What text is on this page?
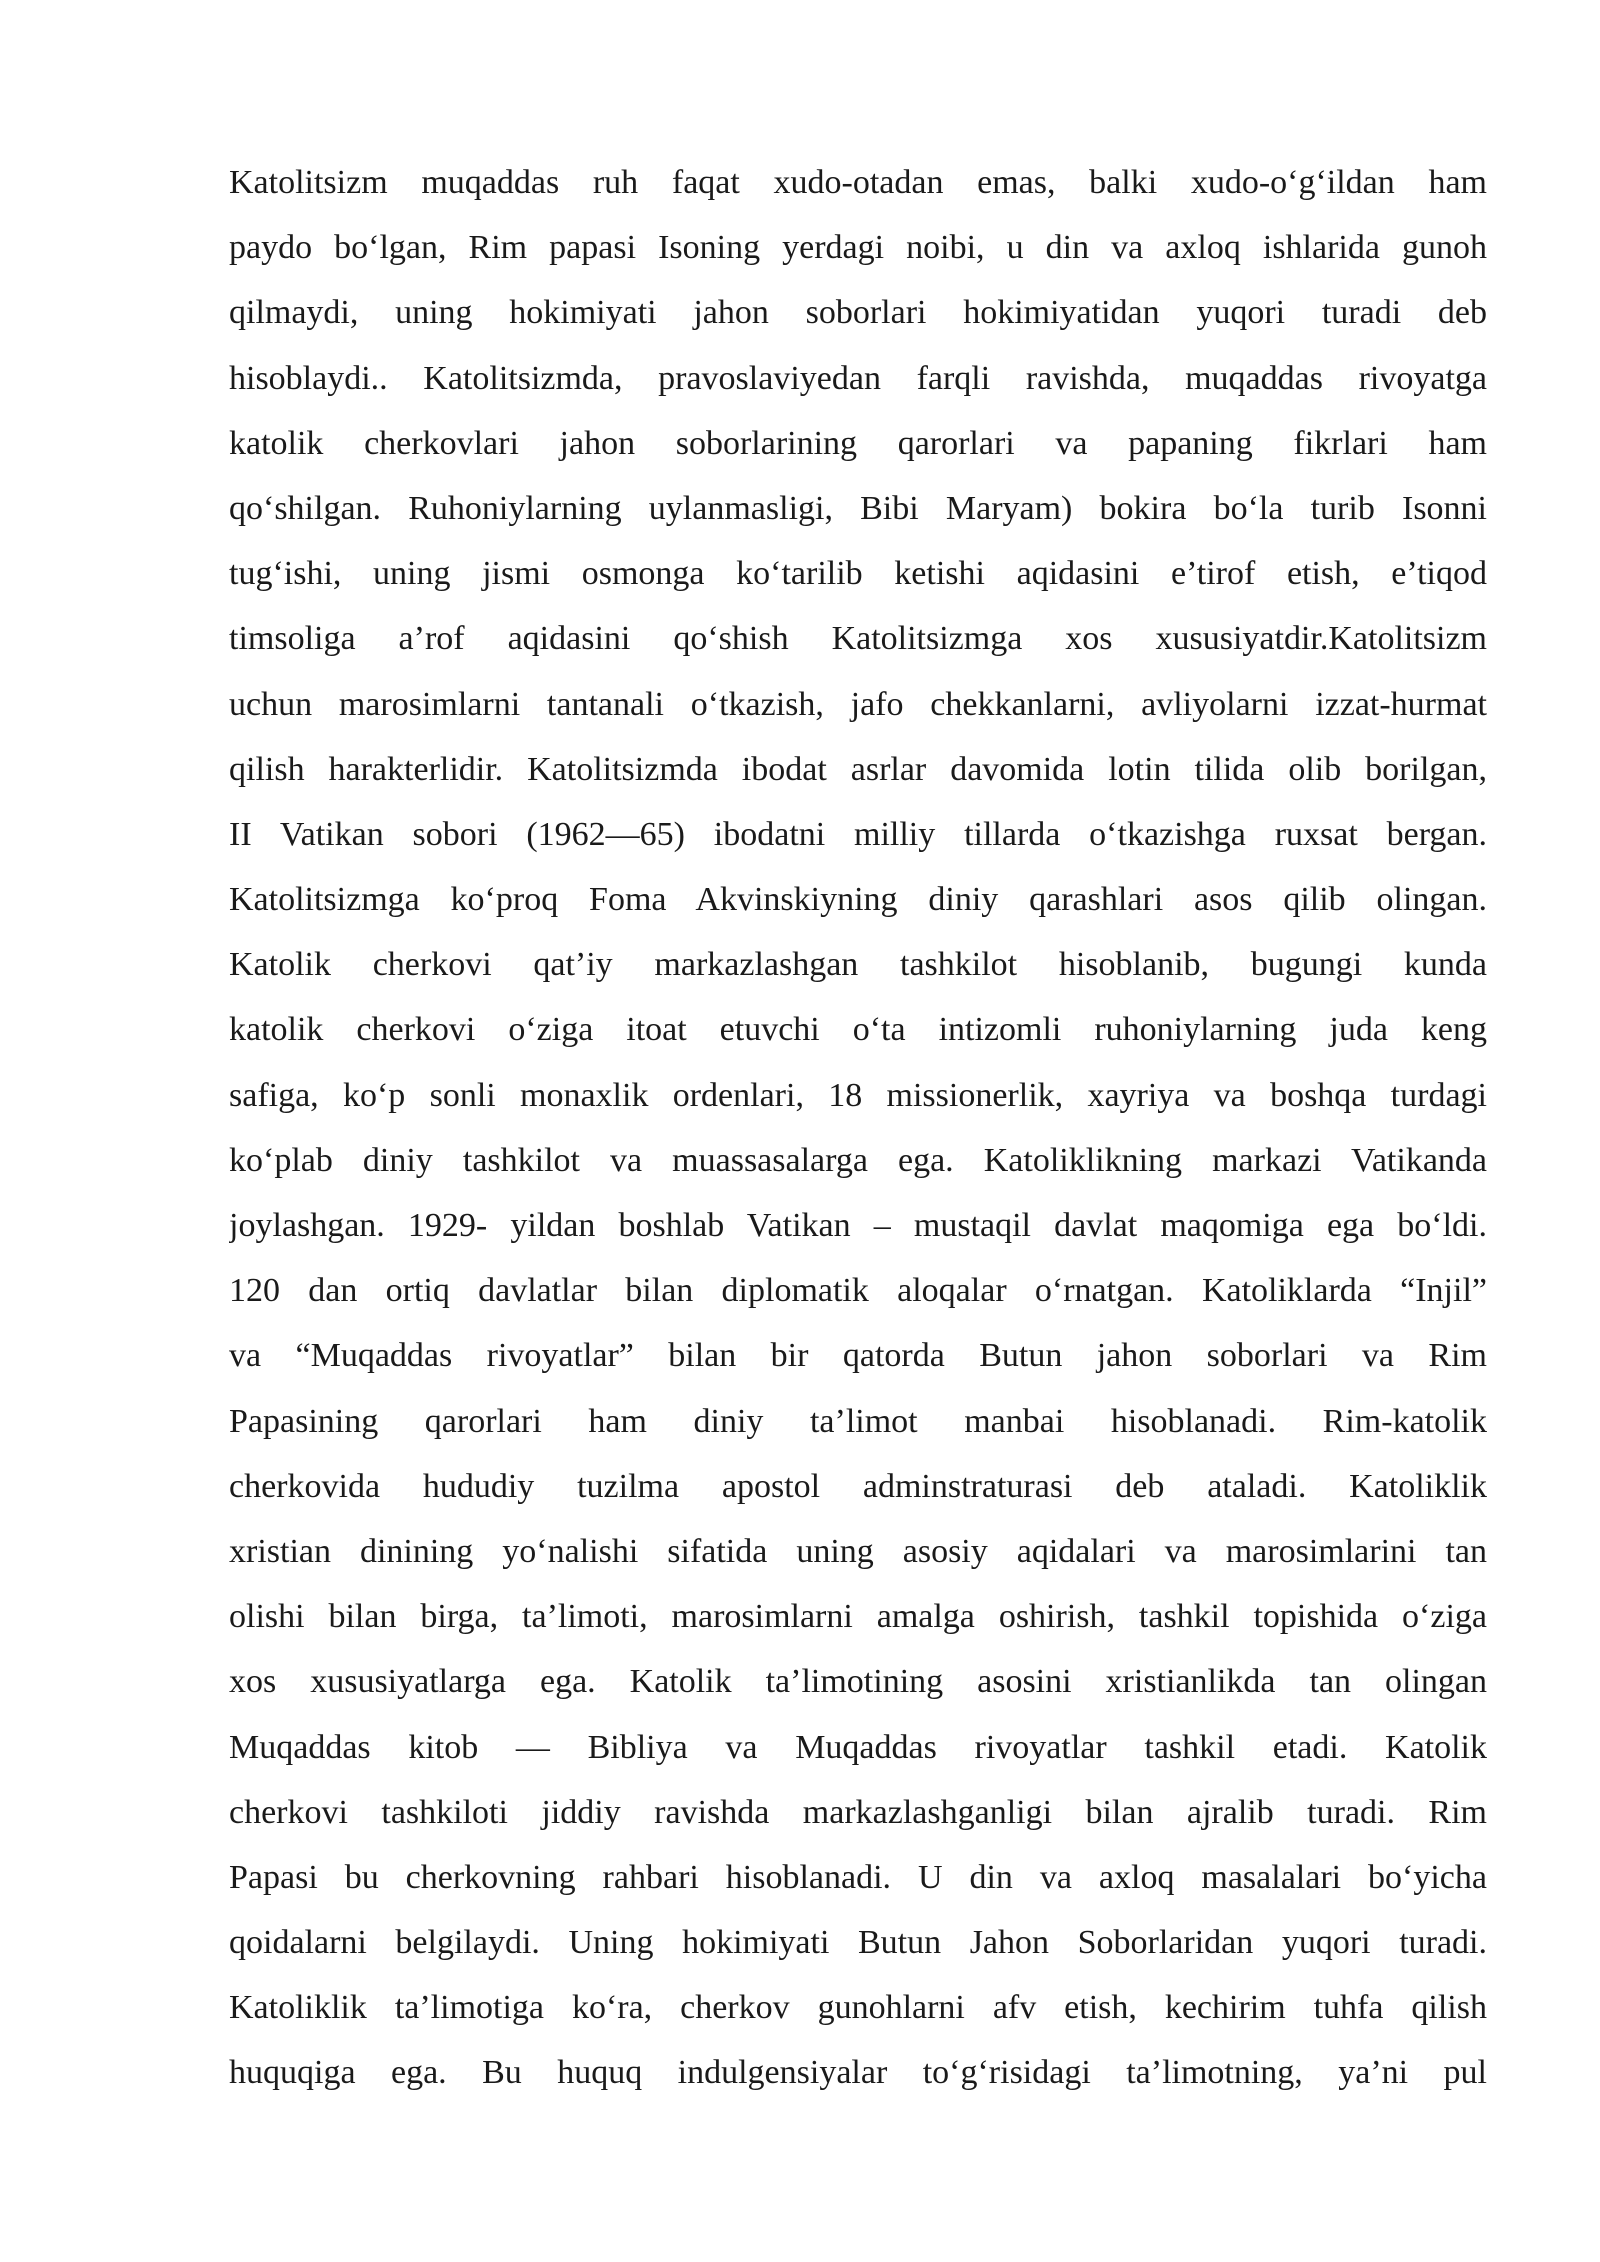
Katolitsizm muqaddas ruh faqat xudo-otadan emas, balki xudo-o‘g‘ildan ham
paydo bo‘lgan, Rim papasi Isoning yerdagi noibi, u din va axloq ishlarida gunoh
qilmaydi, uning hokimiyati jahon soborlari hokimiyatidan yuqori turadi deb
hisoblaydi.. Katolitsizmda, pravoslaviyedan farqli ravishda, muqaddas rivoyatga
katolik cherkovlari jahon soborlarining qarorlari va papaning fikrlari ham
qo‘shilgan. Ruhoniylarning uylanmasligi, Bibi Maryam) bokira bo‘la turib Isonni
tug‘ishi, uning jismi osmonga ko‘tarilib ketishi aqidasini e’tirof etish, e’tiqod
timsoliga a’rof aqidasini qo‘shish Katolitsizmga xos xususiyatdir.Katolitsizm
uchun marosimlarni tantanali o‘tkazish, jafo chekkanlarni, avliyolarni izzat-hurmat
qilish harakterlidir. Katolitsizmda ibodat asrlar davomida lotin tilida olib borilgan,
II Vatikan sobori (1962—65) ibodatni milliy tillarda o‘tkazishga ruxsat bergan.
Katolitsizmga ko‘proq Foma Akvinskiyning diniy qarashlari asos qilib olingan.
Katolik cherkovi qat’iy markazlashgan tashkilot hisoblanib, bugungi kunda
katolik cherkovi o‘ziga itoat etuvchi o‘ta intizomli ruhoniylarning juda keng
safiga, ko‘p sonli monaxlik ordenlari, 18 missionerlik, xayriya va boshqa turdagi
ko‘plab diniy tashkilot va muassasalarga ega. Katoliklikning markazi Vatikanda
joylashgan. 1929- yildan boshlab Vatikan – mustaqil davlat maqomiga ega bo‘ldi.
120 dan ortiq davlatlar bilan diplomatik aloqalar o‘rnatgan. Katoliklarda “Injil”
va “Muqaddas rivoyatlar” bilan bir qatorda Butun jahon soborlari va Rim
Papasining qarorlari ham diniy ta’limot manbai hisoblanadi. Rim-katolik
cherkovida hududiy tuzilma apostol adminstraturasi deb ataladi. Katoliklik
xristian dinining yo‘nalishi sifatida uning asosiy aqidalari va marosimlarini tan
olishi bilan birga, ta’limoti, marosimlarni amalga oshirish, tashkil topishida o‘ziga
xos xususiyatlarga ega. Katolik ta’limotining asosini xristianlikda tan olingan
Muqaddas kitob — Bibliya va Muqaddas rivoyatlar tashkil etadi. Katolik
cherkovi tashkiloti jiddiy ravishda markazlashganligi bilan ajralib turadi. Rim
Papasi bu cherkovning rahbari hisoblanadi. U din va axloq masalalari bo‘yicha
qoidalarni belgilaydi. Uning hokimiyati Butun Jahon Soborlaridan yuqori turadi.
Katoliklik ta’limotiga ko‘ra, cherkov gunohlarni afv etish, kechirim tuhfa qilish
huquqiga ega. Bu huquq indulgensiyalar to‘g‘risidagi ta’limotning, ya’ni pul
